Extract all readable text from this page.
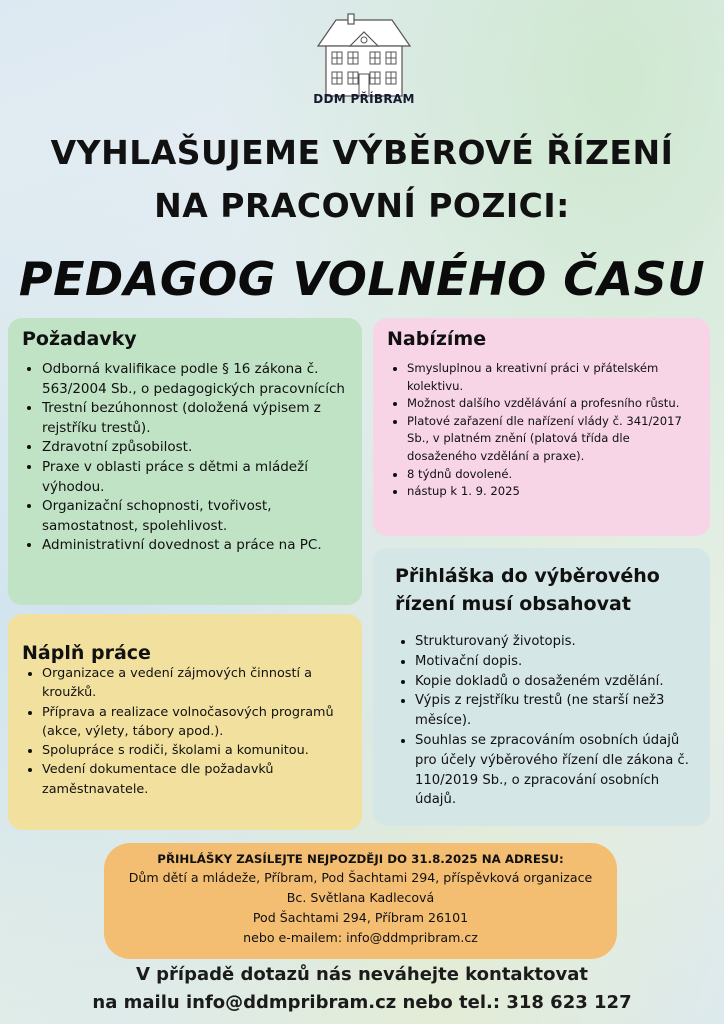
DDM PŘÍBRAM
VYHLAŠUJEME VÝBĚROVÉ ŘÍZENÍ
NA PRACOVNÍ POZICI:
PEDAGOG VOLNÉHO ČASU
Požadavky
• Odborná kvalifikace podle § 16 zákona č. 563/2004 Sb., o pedagogických pracovnících
• Trestní bezúhonnost (doložená výpisem z rejstříku trestů).
• Zdravotní způsobilost.
• Praxe v oblasti práce s dětmi a mládeží výhodou.
• Organizační schopnosti, tvořivost, samostatnost, spolehlivost.
• Administrativní dovednost a práce na PC.
Nabízíme
• Smysluplnou a kreativní práci v přátelském kolektivu.
• Možnost dalšího vzdělávání a profesního růstu.
• Platové zařazení dle nařízení vlády č. 341/2017 Sb., v platném znění (platová třída dle dosaženého vzdělání a praxe).
• 8 týdnů dovolené.
• nástup k 1. 9. 2025
Přihláška do výběrového
řízení musí obsahovat
• Strukturovaný životopis.
• Motivační dopis.
• Kopie dokladů o dosaženém vzdělání.
• Výpis z rejstříku trestů (ne starší než3 měsíce).
• Souhlas se zpracováním osobních údajů pro účely výběrového řízení dle zákona č. 110/2019 Sb., o zpracování osobních údajů.
Náplň práce
• Organizace a vedení zájmových činností a kroužků.
• Příprava a realizace volnočasových programů (akce, výlety, tábory apod.).
• Spolupráce s rodiči, školami a komunitou.
• Vedení dokumentace dle požadavků zaměstnavatele.
PŘIHLÁŠKY ZASÍLEJTE NEJPOZDĚJI DO 31.8.2025 NA ADRESU:
Dům dětí a mládeže, Příbram, Pod Šachtami 294, příspěvková organizace
Bc. Světlana Kadlecová
Pod Šachtami 294, Příbram 26101
nebo e-mailem: info@ddmpribram.cz
V případě dotazů nás neváhejte kontaktovat
na mailu info@ddmpribram.cz nebo tel.: 318 623 127
